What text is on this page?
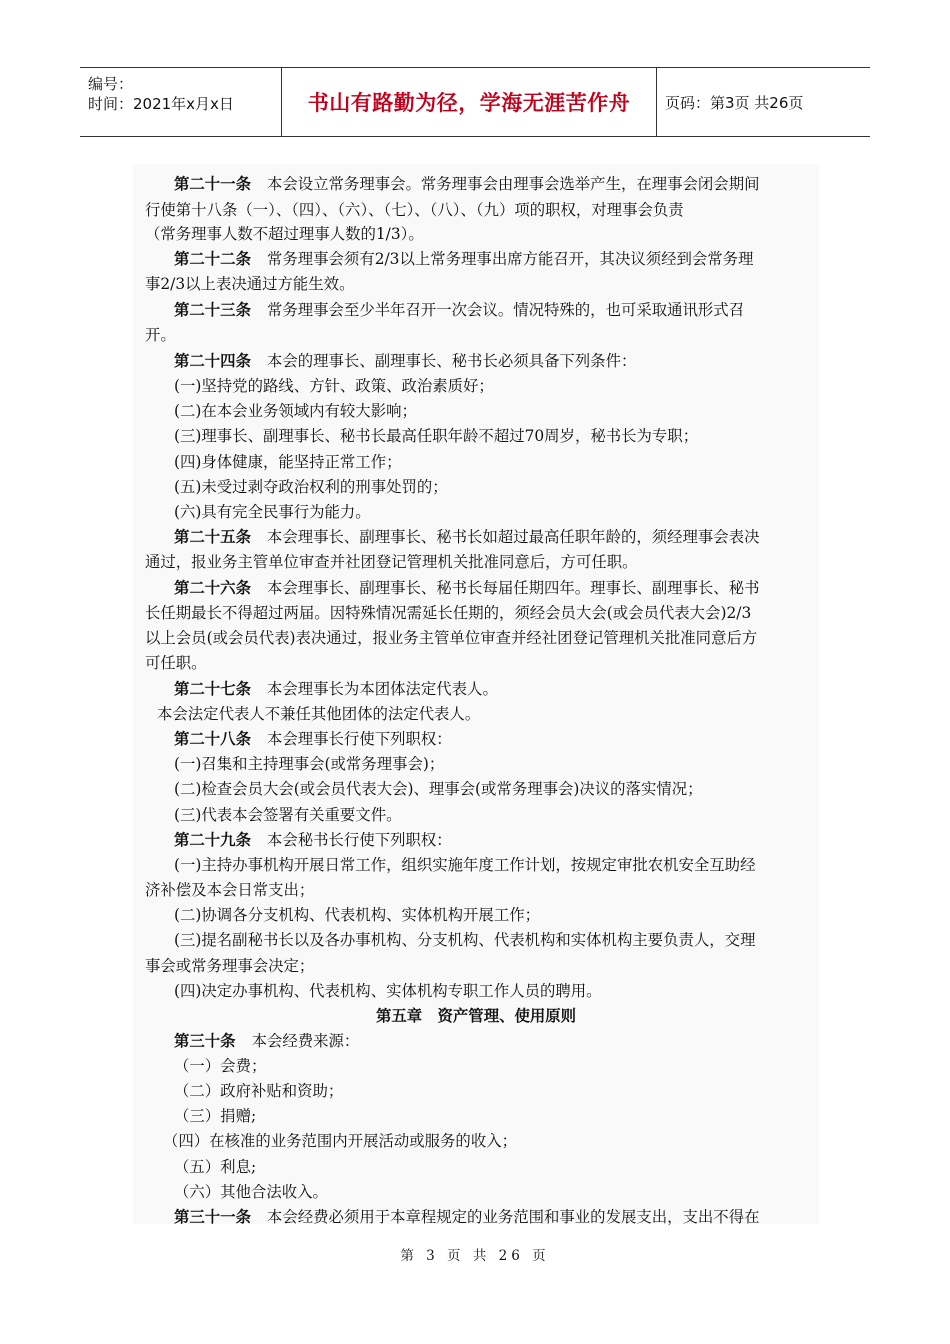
编号：
时间：2021年x月x日	书山有路勤为径，学海无涯苦作舟	页码：第3页 共26页
第二十一条 本会设立常务理事会。常务理事会由理事会选举产生，在理事会闭会期间
行使第十八条（一）、（四）、（六）、（七）、（八）、（九）项的职权，对理事会负责
（常务理事人数不超过理事人数的1/3）。
第二十二条 常务理事会须有2/3以上常务理事出席方能召开，其决议须经到会常务理
事2/3以上表决通过方能生效。
第二十三条 常务理事会至少半年召开一次会议。情况特殊的，也可采取通讯形式召
开。
第二十四条 本会的理事长、副理事长、秘书长必须具备下列条件：
(一)坚持党的路线、方针、政策、政治素质好；
(二)在本会业务领域内有较大影响；
(三)理事长、副理事长、秘书长最高任职年龄不超过70周岁，秘书长为专职；
(四)身体健康，能坚持正常工作；
(五)未受过剥夺政治权利的刑事处罚的；
(六)具有完全民事行为能力。
第二十五条 本会理事长、副理事长、秘书长如超过最高任职年龄的，须经理事会表决
通过，报业务主管单位审查并社团登记管理机关批准同意后，方可任职。
第二十六条 本会理事长、副理事长、秘书长每届任期四年。理事长、副理事长、秘书
长任期最长不得超过两届。因特殊情况需延长任期的，须经会员大会(或会员代表大会)2/3
以上会员(或会员代表)表决通过，报业务主管单位审查并经社团登记管理机关批准同意后方
可任职。
第二十七条 本会理事长为本团体法定代表人。
本会法定代表人不兼任其他团体的法定代表人。
第二十八条 本会理事长行使下列职权：
(一)召集和主持理事会(或常务理事会)；
(二)检查会员大会(或会员代表大会)、理事会(或常务理事会)决议的落实情况；
(三)代表本会签署有关重要文件。
第二十九条 本会秘书长行使下列职权：
(一)主持办事机构开展日常工作，组织实施年度工作计划，按规定审批农机安全互助经
济补偿及本会日常支出；
(二)协调各分支机构、代表机构、实体机构开展工作；
(三)提名副秘书长以及各办事机构、分支机构、代表机构和实体机构主要负责人，交理
事会或常务理事会决定；
(四)决定办事机构、代表机构、实体机构专职工作人员的聘用。
第五章　资产管理、使用原则
第三十条 本会经费来源：
（一）会费；
（二）政府补贴和资助；
（三）捐赠;
（四）在核准的业务范围内开展活动或服务的收入；
（五）利息;
（六）其他合法收入。
第三十一条 本会经费必须用于本章程规定的业务范围和事业的发展支出，支出不得在
第 3 页 共 26 页
